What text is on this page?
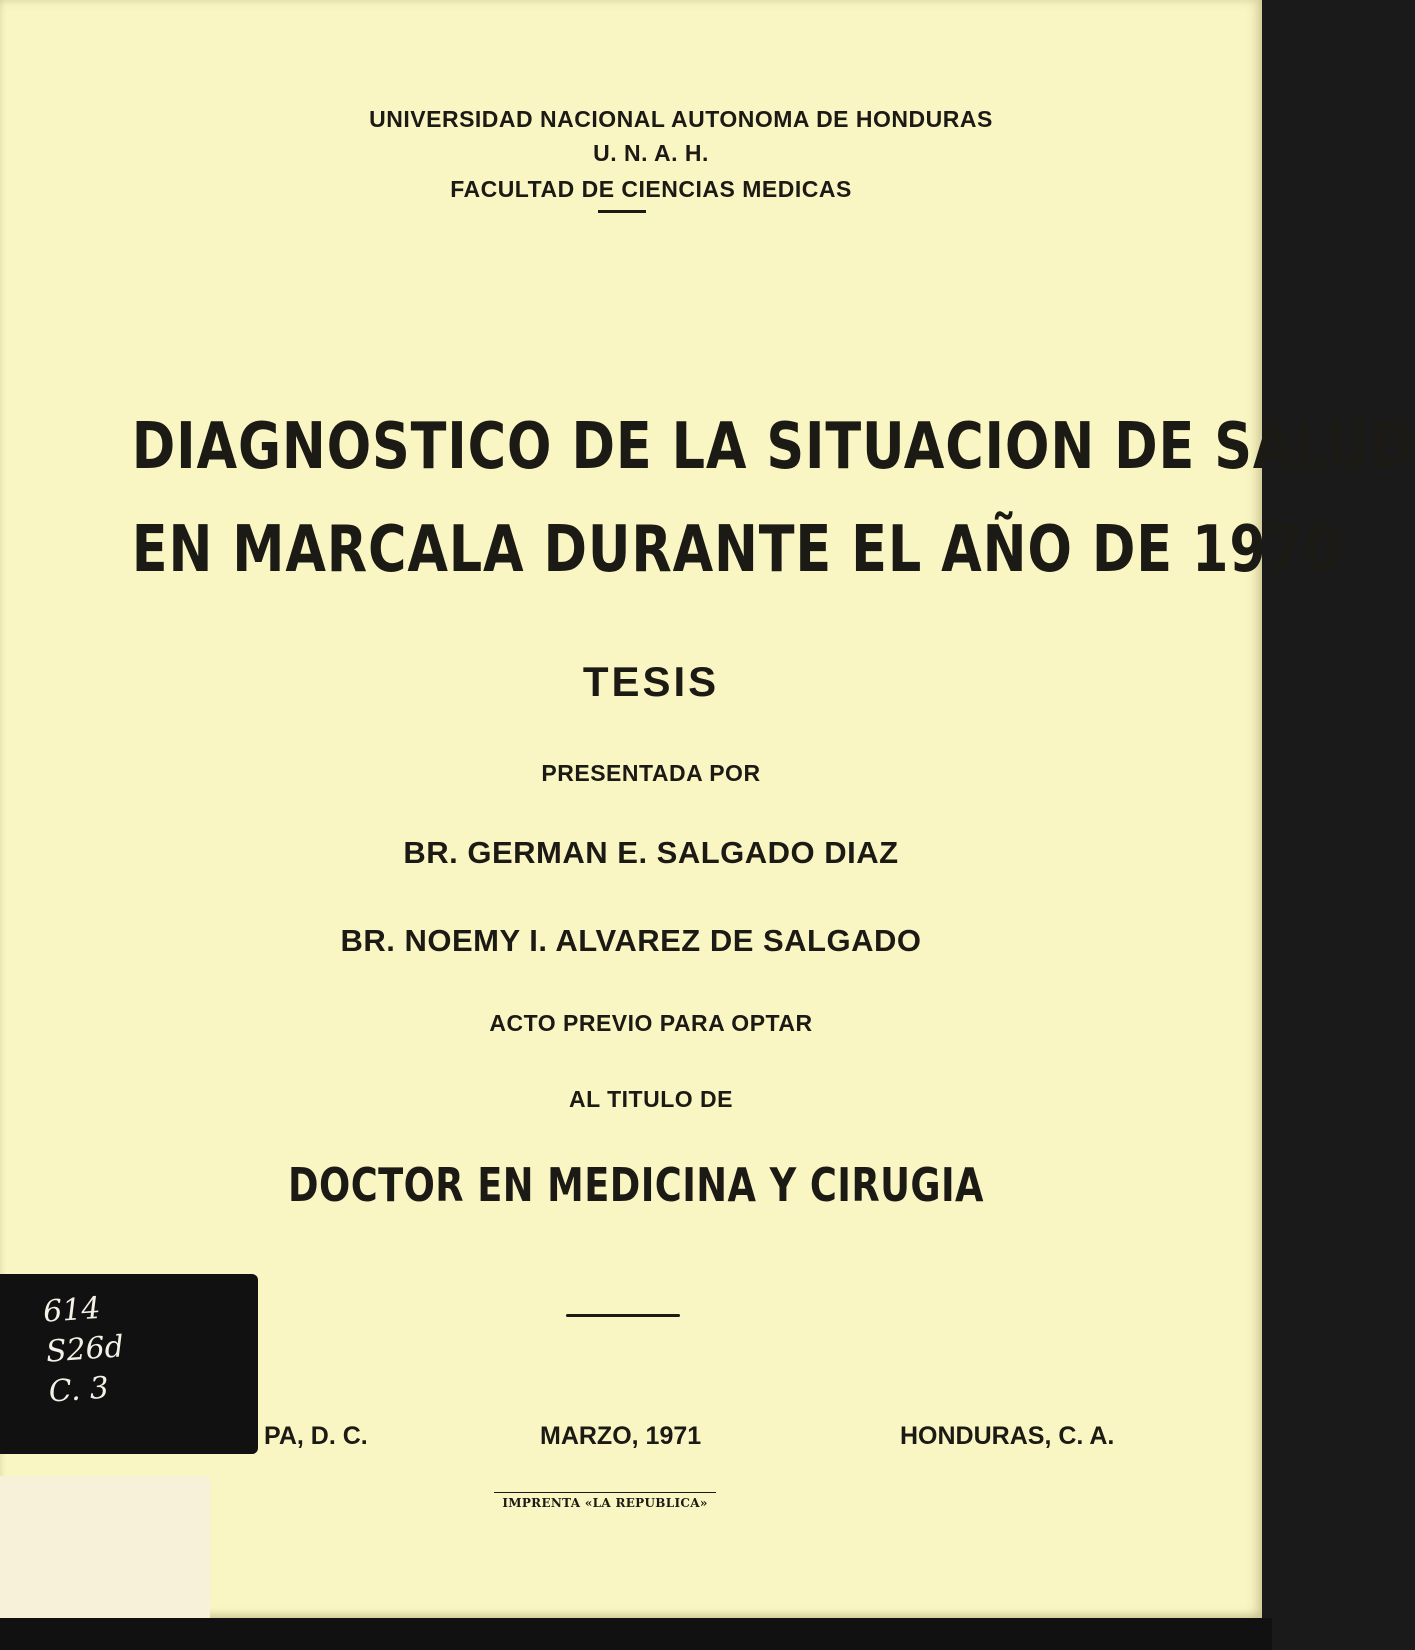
UNIVERSIDAD NACIONAL AUTONOMA DE HONDURAS
U. N. A. H.
FACULTAD DE CIENCIAS MEDICAS
DIAGNOSTICO DE LA SITUACION DE SALUD
EN MARCALA DURANTE EL AÑO DE 1970
TESIS
PRESENTADA POR
BR. GERMAN E. SALGADO DIAZ
BR. NOEMY I. ALVAREZ DE SALGADO
ACTO PREVIO PARA OPTAR
AL TITULO DE
DOCTOR EN MEDICINA Y CIRUGIA
PA, D. C.	MARZO, 1971	HONDURAS, C. A.
IMPRENTA «LA REPUBLICA»
614
S26d
C. 3
